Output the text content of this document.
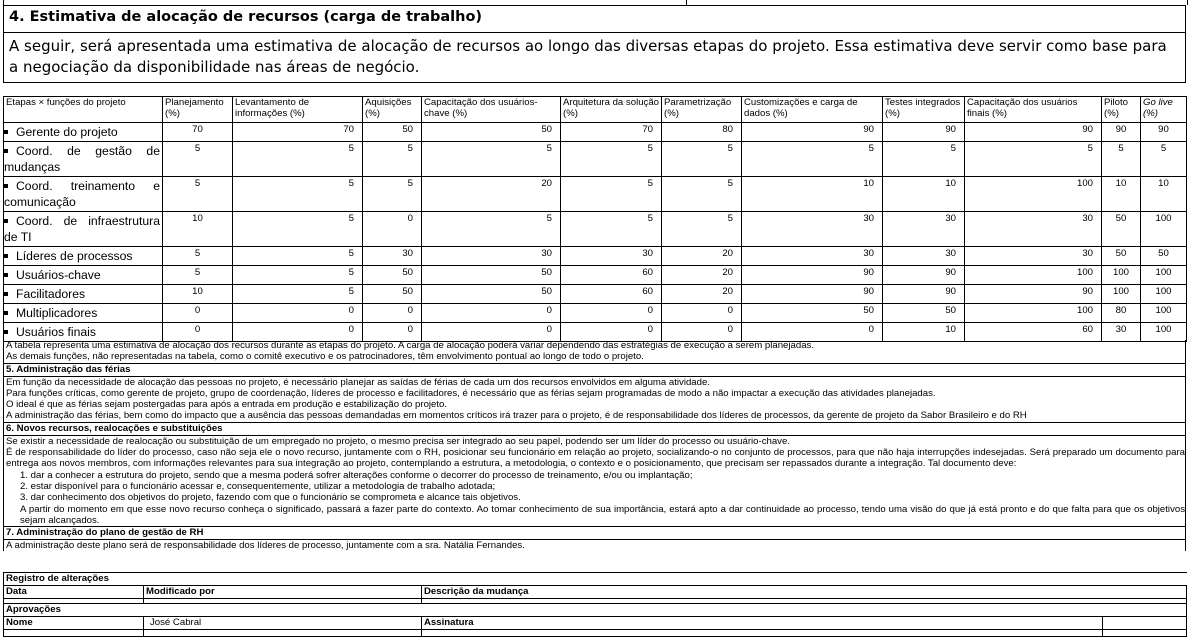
4. Estimativa de alocação de recursos (carga de trabalho)
A seguir, será apresentada uma estimativa de alocação de recursos ao longo das diversas etapas do projeto. Essa estimativa deve servir como base para a negociação da disponibilidade nas áreas de negócio.
Etapas × funções do projeto	Planejamento (%)	Levantamento de informações (%)	Aquisições (%)	Capacitação dos usuários-chave (%)	Arquitetura da solução (%)	Parametrização (%)	Customizações e carga de dados (%)	Testes integrados (%)	Capacitação dos usuários finais (%)	Piloto (%)	Go live (%)
Gerente do projeto	70	70	50	50	70	80	90	90	90	90	90
Coord. de gestão de mudanças	5	5	5	5	5	5	5	5	5	5	5
Coord. treinamento e comunicação	5	5	5	20	5	5	10	10	100	10	10
Coord. de infraestrutura de TI	10	5	0	5	5	5	30	30	30	50	100
Líderes de processos	5	5	30	30	30	20	30	30	30	50	50
Usuários-chave	5	5	50	50	60	20	90	90	100	100	100
Facilitadores	10	5	50	50	60	20	90	90	90	100	100
Multiplicadores	0	0	0	0	0	0	50	50	100	80	100
Usuários finais	0	0	0	0	0	0	0	10	60	30	100
A tabela representa uma estimativa de alocação dos recursos durante as etapas do projeto. A carga de alocação poderá variar dependendo das estratégias de execução a serem planejadas.
As demais funções, não representadas na tabela, como o comitê executivo e os patrocinadores, têm envolvimento pontual ao longo de todo o projeto.
5. Administração das férias
Em função da necessidade de alocação das pessoas no projeto, é necessário planejar as saídas de férias de cada um dos recursos envolvidos em alguma atividade.
Para funções críticas, como gerente de projeto, grupo de coordenação, líderes de processo e facilitadores, é necessário que as férias sejam programadas de modo a não impactar a execução das atividades planejadas.
O ideal é que as férias sejam postergadas para após a entrada em produção e estabilização do projeto.
A administração das férias, bem como do impacto que a ausência das pessoas demandadas em momentos críticos irá trazer para o projeto, é de responsabilidade dos líderes de processos, da gerente de projeto da Sabor Brasileiro e do RH
6. Novos recursos, realocações e substituições
Se existir a necessidade de realocação ou substituição de um empregado no projeto, o mesmo precisa ser integrado ao seu papel, podendo ser um líder do processo ou usuário-chave.
É de responsabilidade do líder do processo, caso não seja ele o novo recurso, juntamente com o RH, posicionar seu funcionário em relação ao projeto, socializando-o no conjunto de processos, para que não haja interrupções indesejadas. Será preparado um documento para entrega aos novos membros, com informações relevantes para sua integração ao projeto, contemplando a estrutura, a metodologia, o contexto e o posicionamento, que precisam ser repassados durante a integração. Tal documento deve:
1. dar a conhecer a estrutura do projeto, sendo que a mesma poderá sofrer alterações conforme o decorrer do processo de treinamento, e/ou ou implantação;
2. estar disponível para o funcionário acessar e, consequentemente, utilizar a metodologia de trabalho adotada;
3. dar conhecimento dos objetivos do projeto, fazendo com que o funcionário se comprometa e alcance tais objetivos.
A partir do momento em que esse novo recurso conheça o significado, passará a fazer parte do contexto. Ao tomar conhecimento de sua importância, estará apto a dar continuidade ao processo, tendo uma visão do que já está pronto e do que falta para que os objetivos sejam alcançados.
7. Administração do plano de gestão de RH
A administração deste plano será de responsabilidade dos líderes de processo, juntamente com a sra. Natália Fernandes.
Registro de alterações			
Data	Modificado por	Descrição da mudança	

Aprovações			
Nome	José Cabral	Assinatura	
